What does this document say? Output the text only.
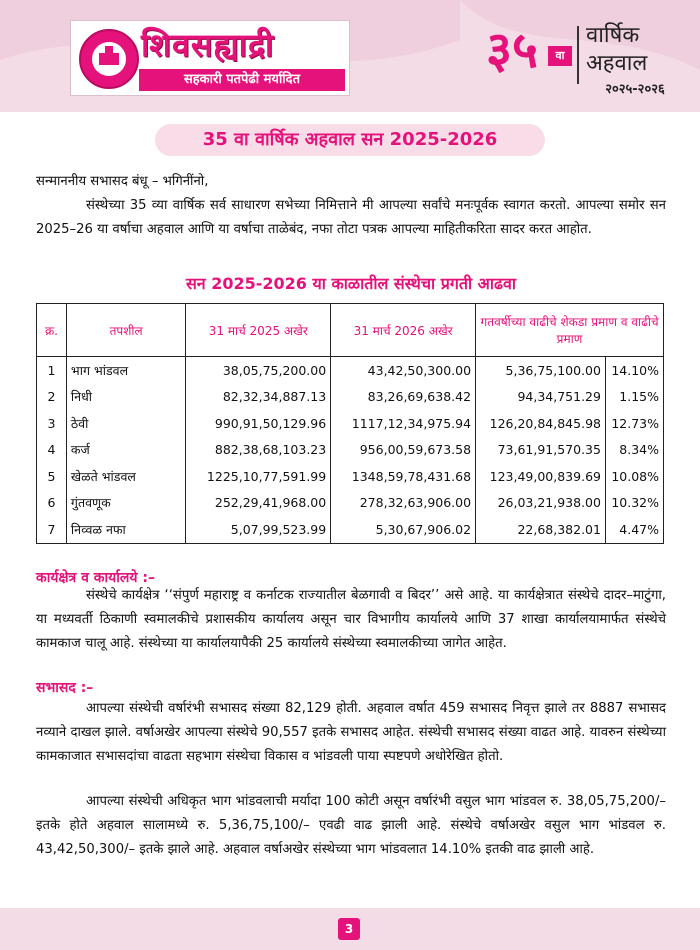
शिवसह्याद्री
सहकारी पतपेढी मर्यादित
३५	वा
वार्षिक
अहवाल
२०२५-२०२६
35 वा वार्षिक अहवाल सन 2025-2026
सन्माननीय सभासद बंधू – भगिनींनो,
संस्थेच्या 35 व्या वार्षिक सर्व साधारण सभेच्या निमित्ताने मी आपल्या सर्वांचे मनःपूर्वक स्वागत करतो. आपल्या समोर सन 2025–26 या वर्षाचा अहवाल आणि या वर्षाचा ताळेबंद, नफा तोटा पत्रक आपल्या माहितीकरिता सादर करत आहोत.
सन 2025-2026 या काळातील संस्थेचा प्रगती आढवा
क्र.	तपशील	31 मार्च 2025 अखेर	31 मार्च 2026 अखेर	गतवर्षीच्या वाढीचे शेकडा प्रमाण व वाढीचे प्रमाण	
1	भाग भांडवल	38,05,75,200.00	43,42,50,300.00	5,36,75,100.00	14.10%
2	निधी	82,32,34,887.13	83,26,69,638.42	94,34,751.29	1.15%
3	ठेवी	990,91,50,129.96	1117,12,34,975.94	126,20,84,845.98	12.73%
4	कर्ज	882,38,68,103.23	956,00,59,673.58	73,61,91,570.35	8.34%
5	खेळते भांडवल	1225,10,77,591.99	1348,59,78,431.68	123,49,00,839.69	10.08%
6	गुंतवणूक	252,29,41,968.00	278,32,63,906.00	26,03,21,938.00	10.32%
7	निव्वळ नफा	5,07,99,523.99	5,30,67,906.02	22,68,382.01	4.47%
कार्यक्षेत्र व कार्यालये :–
संस्थेचे कार्यक्षेत्र ‘‘संपुर्ण महाराष्ट्र व कर्नाटक राज्यातील बेळगावी व बिदर’’ असे आहे. या कार्यक्षेत्रात संस्थेचे दादर–माटुंगा, या मध्यवर्ती ठिकाणी स्वमालकीचे प्रशासकीय कार्यालय असून चार विभागीय कार्यालये आणि 37 शाखा कार्यालयामार्फत संस्थेचे कामकाज चालू आहे. संस्थेच्या या कार्यालयापैकी 25 कार्यालये संस्थेच्या स्वमालकीच्या जागेत आहेत.
सभासद :–
आपल्या संस्थेची वर्षारंभी सभासद संख्या 82,129 होती. अहवाल वर्षात 459 सभासद निवृत्त झाले तर 8887 सभासद नव्याने दाखल झाले. वर्षाअखेर आपल्या संस्थेचे 90,557 इतके सभासद आहेत. संस्थेची सभासद संख्या वाढत आहे. यावरुन संस्थेच्या कामकाजात सभासदांचा वाढता सहभाग संस्थेचा विकास व भांडवली पाया स्पष्टपणे अधोरेखित होतो.
आपल्या संस्थेची अधिकृत भाग भांडवलाची मर्यादा 100 कोटी असून वर्षारंभी वसुल भाग भांडवल रु. 38,05,75,200/– इतके होते अहवाल सालामध्ये रु. 5,36,75,100/– एवढी वाढ झाली आहे. संस्थेचे वर्षाअखेर वसुल भाग भांडवल रु. 43,42,50,300/– इतके झाले आहे. अहवाल वर्षाअखेर संस्थेच्या भाग भांडवलात 14.10% इतकी वाढ झाली आहे.
3
